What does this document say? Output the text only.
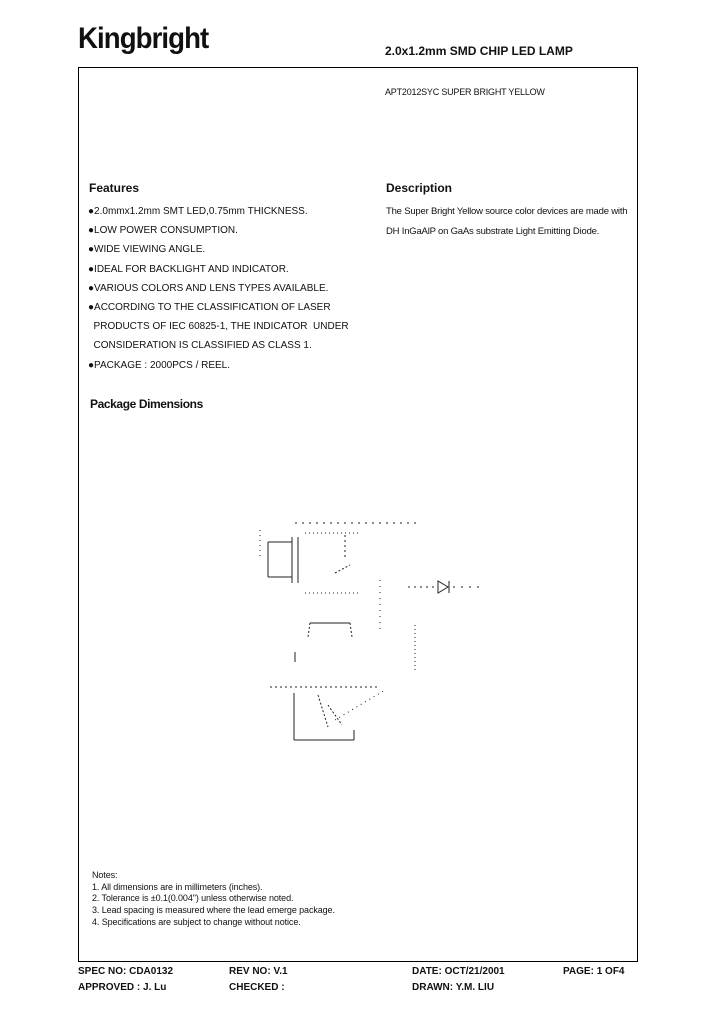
Kingbright	2.0x1.2mm SMD CHIP LED LAMP
APT2012SYC SUPER BRIGHT YELLOW
Features
●2.0mmx1.2mm SMT LED,0.75mm THICKNESS.
●LOW POWER CONSUMPTION.
●WIDE VIEWING ANGLE.
●IDEAL FOR BACKLIGHT AND INDICATOR.
●VARIOUS COLORS AND LENS TYPES AVAILABLE.
●ACCORDING TO THE CLASSIFICATION OF LASER
PRODUCTS OF IEC 60825-1, THE INDICATOR  UNDER
CONSIDERATION IS CLASSIFIED AS CLASS 1.
●PACKAGE : 2000PCS / REEL.
Description
The Super Bright Yellow source color devices are made with DH InGaAlP on GaAs substrate Light Emitting Diode.
Package Dimensions
Notes:
1. All dimensions are in millimeters (inches).
2. Tolerance is ±0.1(0.004") unless otherwise noted.
3. Lead spacing is measured where the lead emerge package.
4. Specifications are subject to change without notice.
SPEC NO: CDA0132	REV NO: V.1	DATE: OCT/21/2001	PAGE: 1 OF4
APPROVED : J. Lu	CHECKED :	DRAWN: Y.M. LIU
